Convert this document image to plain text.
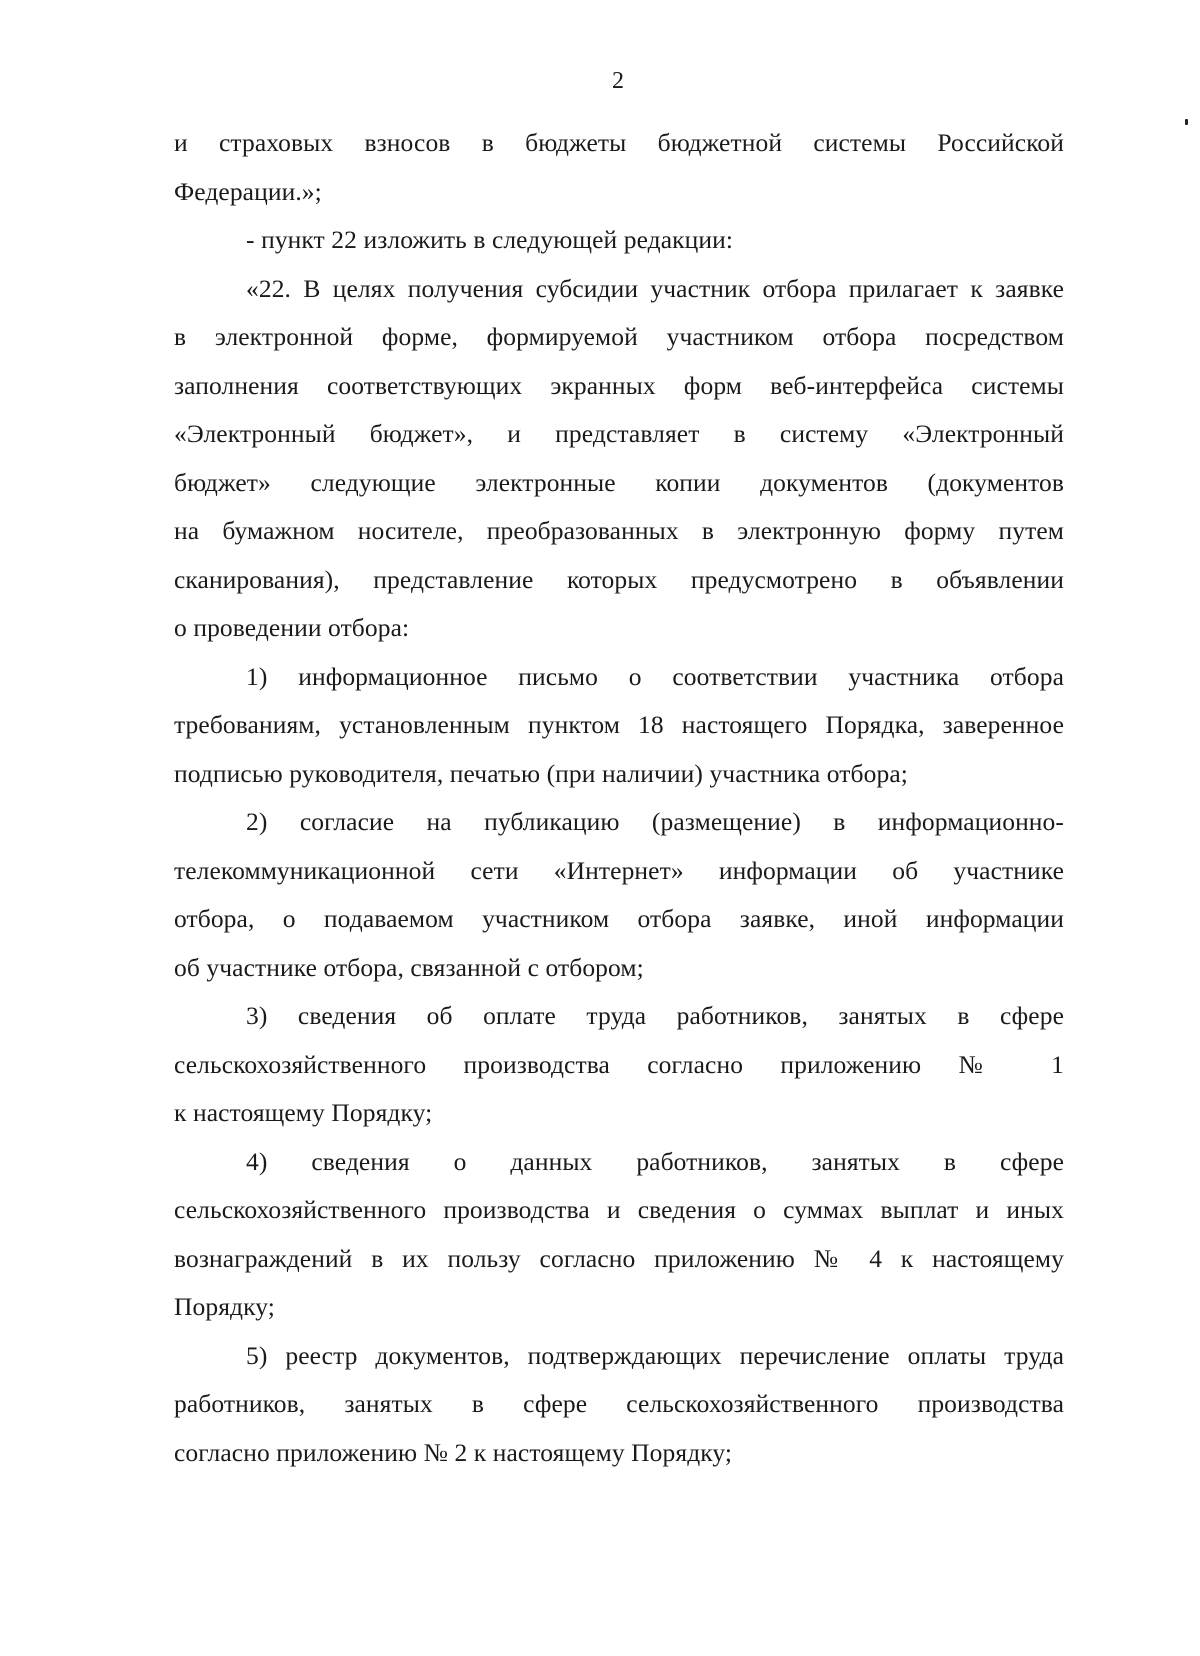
2
и страховых взносов в бюджеты бюджетной системы Российской
Федерации.»;
- пункт 22 изложить в следующей редакции:
«22. В целях получения субсидии участник отбора прилагает к заявке
в электронной форме, формируемой участником отбора посредством
заполнения соответствующих экранных форм веб-интерфейса системы
«Электронный бюджет», и представляет в систему «Электронный
бюджет» следующие электронные копии документов (документов
на бумажном носителе, преобразованных в электронную форму путем
сканирования), представление которых предусмотрено в объявлении
о проведении отбора:
1) информационное письмо о соответствии участника отбора
требованиям, установленным пунктом 18 настоящего Порядка, заверенное
подписью руководителя, печатью (при наличии) участника отбора;
2) согласие на публикацию (размещение) в информационно-
телекоммуникационной сети «Интернет» информации об участнике
отбора, о подаваемом участником отбора заявке, иной информации
об участнике отбора, связанной с отбором;
3) сведения об оплате труда работников, занятых в сфере
сельскохозяйственного производства согласно приложению № 1
к настоящему Порядку;
4) сведения о данных работников, занятых в сфере
сельскохозяйственного производства и сведения о суммах выплат и иных
вознаграждений в их пользу согласно приложению № 4 к настоящему
Порядку;
5) реестр документов, подтверждающих перечисление оплаты труда
работников, занятых в сфере сельскохозяйственного производства
согласно приложению № 2 к настоящему Порядку;
